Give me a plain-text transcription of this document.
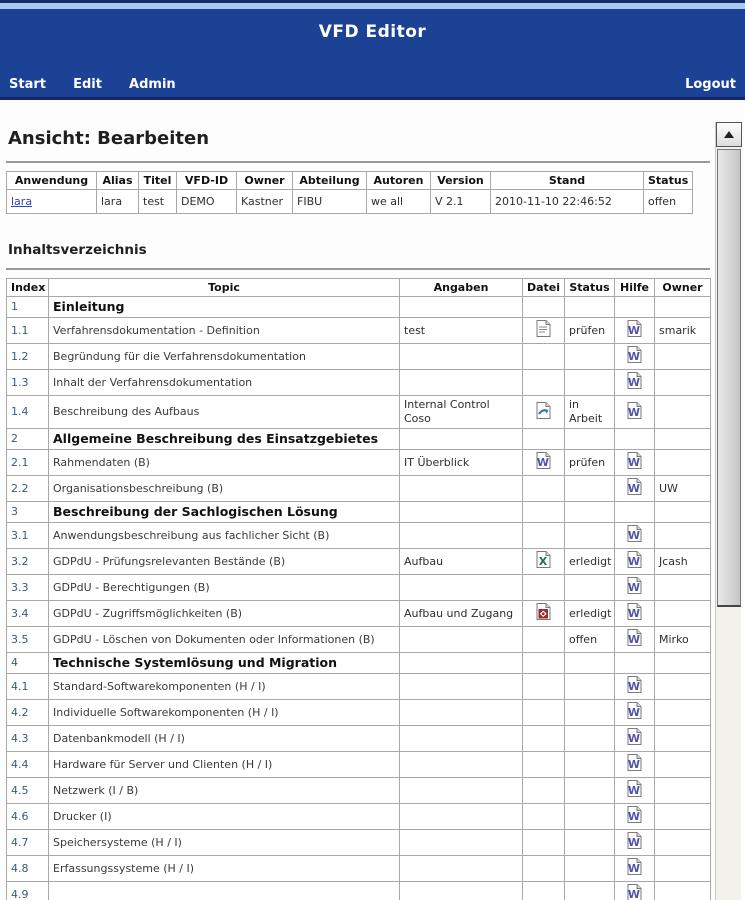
VFD Editor
Start Edit Admin	Logout
Ansicht: Bearbeiten
Anwendung	Alias	Titel	VFD-ID	Owner	Abteilung	Autoren	Version	Stand	Status
lara	lara	test	DEMO	Kastner	FIBU	we all	V 2.1	2010-11-10 22:46:52	offen
Inhaltsverzeichnis
Index	Topic	Angaben	Datei	Status	Hilfe	Owner
1	Einleitung					
1.1	Verfahrensdokumentation - Definition	test		prüfen	W	smarik
1.2	Begründung für die Verfahrensdokumentation				W	

1.3	Inhalt der Verfahrensdokumentation				W	

1.4	Beschreibung des Aufbaus	Internal Control Coso		in Arbeit	W	

2	Allgemeine Beschreibung des Einsatzgebietes					
2.1	Rahmendaten (B)	IT Überblick	W	prüfen	W	

2.2	Organisationsbeschreibung (B)				W	UW
3	Beschreibung der Sachlogischen Lösung					
3.1	Anwendungsbeschreibung aus fachlicher Sicht (B)				W	

3.2	GDPdU - Prüfungsrelevanten Bestände (B)	Aufbau	X	erledigt	W	Jcash
3.3	GDPdU - Berechtigungen (B)				W	

3.4	GDPdU - Zugriffsmöglichkeiten (B)	Aufbau und Zugang		erledigt	W	

3.5	GDPdU - Löschen von Dokumenten oder Informationen (B)			offen	W	Mirko
4	Technische Systemlösung und Migration					
4.1	Standard-Softwarekomponenten (H / I)				W	

4.2	Individuelle Softwarekomponenten (H / I)				W	

4.3	Datenbankmodell (H / I)				W	

4.4	Hardware für Server und Clienten (H / I)				W	

4.5	Netzwerk (I / B)				W	

4.6	Drucker (I)				W	

4.7	Speichersysteme (H / I)				W	

4.8	Erfassungssysteme (H / I)				W	

4.9					W	
